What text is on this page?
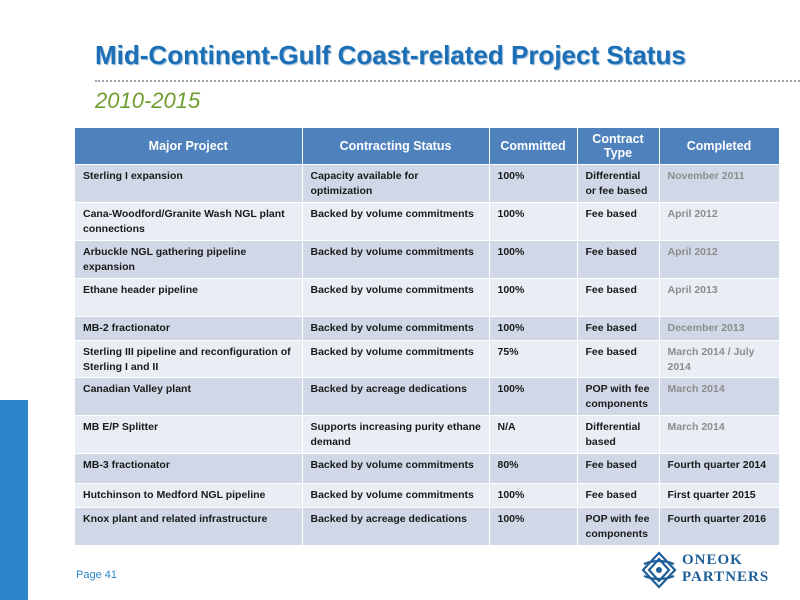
Mid-Continent-Gulf Coast-related Project Status
2010-2015
Major Project	Contracting Status	Committed	Contract Type	Completed
Sterling I expansion	Capacity available for optimization	100%	Differential or fee based	November 2011
Cana-Woodford/Granite Wash NGL plant connections	Backed by volume commitments	100%	Fee based	April 2012
Arbuckle NGL gathering pipeline expansion	Backed by volume commitments	100%	Fee based	April 2012
Ethane header pipeline	Backed by volume commitments	100%	Fee based	April 2013
MB-2 fractionator	Backed by volume commitments	100%	Fee based	December 2013
Sterling III pipeline and reconfiguration of Sterling I and II	Backed by volume commitments	75%	Fee based	March 2014 / July 2014
Canadian Valley plant	Backed by acreage dedications	100%	POP with fee components	March 2014
MB E/P Splitter	Supports increasing purity ethane demand	N/A	Differential based	March 2014
MB-3 fractionator	Backed by volume commitments	80%	Fee based	Fourth quarter 2014
Hutchinson to Medford NGL pipeline	Backed by volume commitments	100%	Fee based	First quarter 2015
Knox plant and related infrastructure	Backed by acreage dedications	100%	POP with fee components	Fourth quarter 2016
Page 41
ONEOK
PARTNERS
